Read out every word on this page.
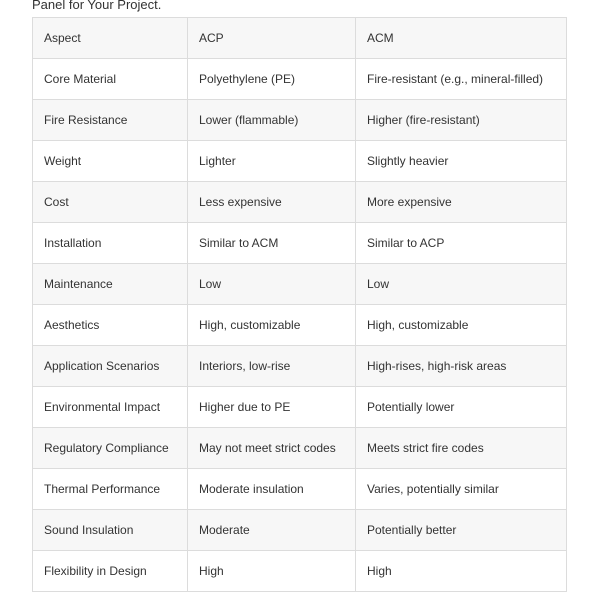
Panel for Your Project.
Aspect	ACP	ACM
Core Material	Polyethylene (PE)	Fire-resistant (e.g., mineral-filled)
Fire Resistance	Lower (flammable)	Higher (fire-resistant)
Weight	Lighter	Slightly heavier
Cost	Less expensive	More expensive
Installation	Similar to ACM	Similar to ACP
Maintenance	Low	Low
Aesthetics	High, customizable	High, customizable
Application Scenarios	Interiors, low-rise	High-rises, high-risk areas
Environmental Impact	Higher due to PE	Potentially lower
Regulatory Compliance	May not meet strict codes	Meets strict fire codes
Thermal Performance	Moderate insulation	Varies, potentially similar
Sound Insulation	Moderate	Potentially better
Flexibility in Design	High	High
